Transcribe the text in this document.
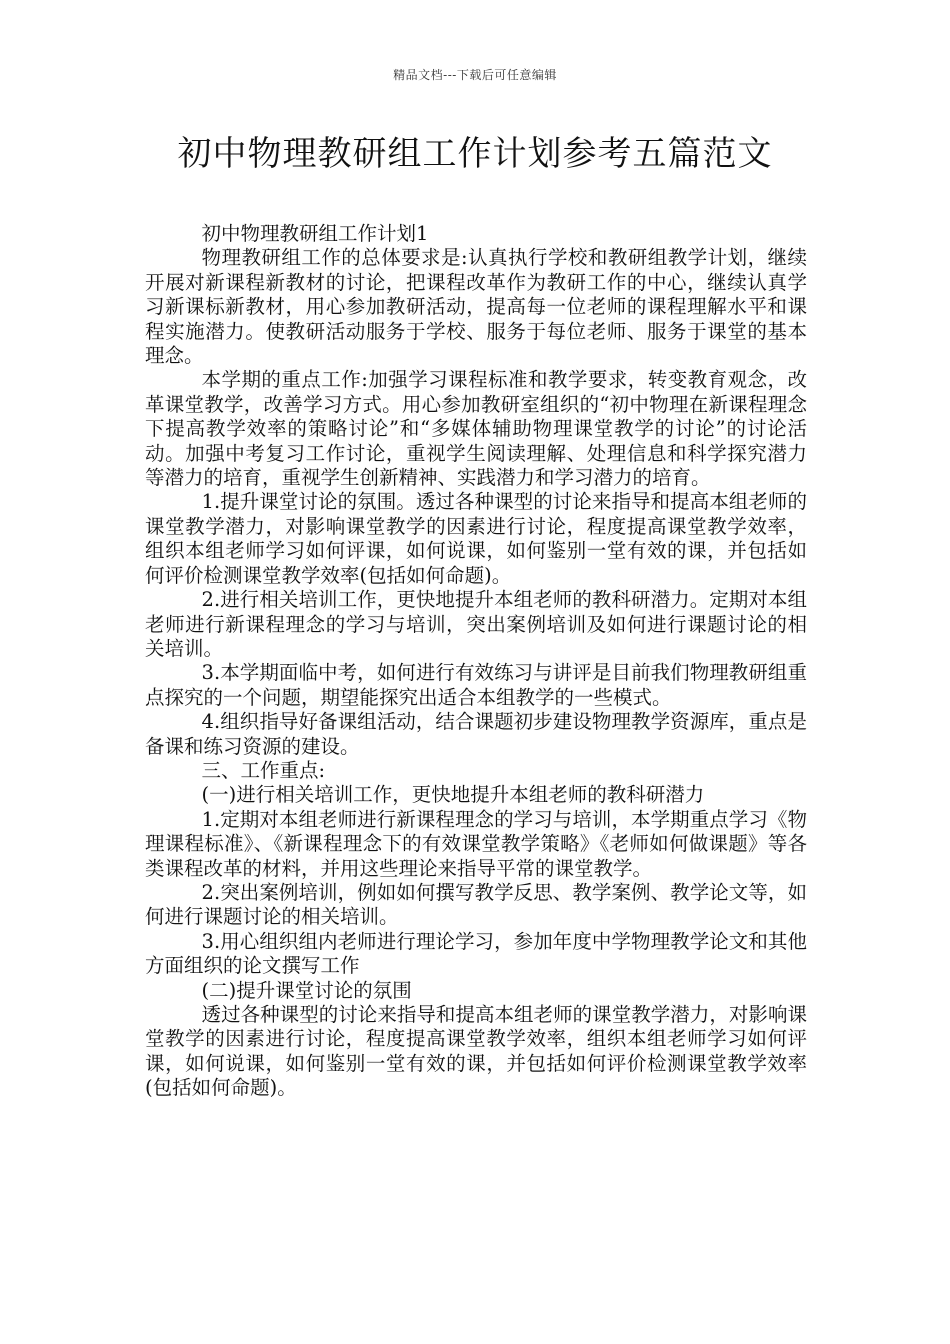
精品文档---下载后可任意编辑
初中物理教研组工作计划参考五篇范文

初中物理教研组工作计划1

物理教研组工作的总体要求是:认真执行学校和教研组教学计划，继续开展对新课程新教材的讨论，把课程改革作为教研工作的中心，继续认真学习新课标新教材，用心参加教研活动，提高每一位老师的课程理解水平和课程实施潜力。使教研活动服务于学校、服务于每位老师、服务于课堂的基本理念。

本学期的重点工作:加强学习课程标准和教学要求，转变教育观念，改革课堂教学，改善学习方式。用心参加教研室组织的“初中物理在新课程理念下提高教学效率的策略讨论”和“多媒体辅助物理课堂教学的讨论”的讨论活动。加强中考复习工作讨论，重视学生阅读理解、处理信息和科学探究潜力等潜力的培育，重视学生创新精神、实践潜力和学习潜力的培育。

1.提升课堂讨论的氛围。透过各种课型的讨论来指导和提高本组老师的课堂教学潜力，对影响课堂教学的因素进行讨论，程度提高课堂教学效率，组织本组老师学习如何评课，如何说课，如何鉴别一堂有效的课，并包括如何评价检测课堂教学效率(包括如何命题)。

2.进行相关培训工作，更快地提升本组老师的教科研潜力。定期对本组老师进行新课程理念的学习与培训，突出案例培训及如何进行课题讨论的相关培训。

3.本学期面临中考，如何进行有效练习与讲评是目前我们物理教研组重点探究的一个问题，期望能探究出适合本组教学的一些模式。

4.组织指导好备课组活动，结合课题初步建设物理教学资源库，重点是备课和练习资源的建设。

三、工作重点:

(一)进行相关培训工作，更快地提升本组老师的教科研潜力

1.定期对本组老师进行新课程理念的学习与培训，本学期重点学习《物理课程标准》、《新课程理念下的有效课堂教学策略》《老师如何做课题》等各类课程改革的材料，并用这些理论来指导平常的课堂教学。

2.突出案例培训，例如如何撰写教学反思、教学案例、教学论文等，如何进行课题讨论的相关培训。

3.用心组织组内老师进行理论学习，参加年度中学物理教学论文和其他方面组织的论文撰写工作

(二)提升课堂讨论的氛围

透过各种课型的讨论来指导和提高本组老师的课堂教学潜力，对影响课堂教学的因素进行讨论，程度提高课堂教学效率，组织本组老师学习如何评课，如何说课，如何鉴别一堂有效的课，并包括如何评价检测课堂教学效率(包括如何命题)。
